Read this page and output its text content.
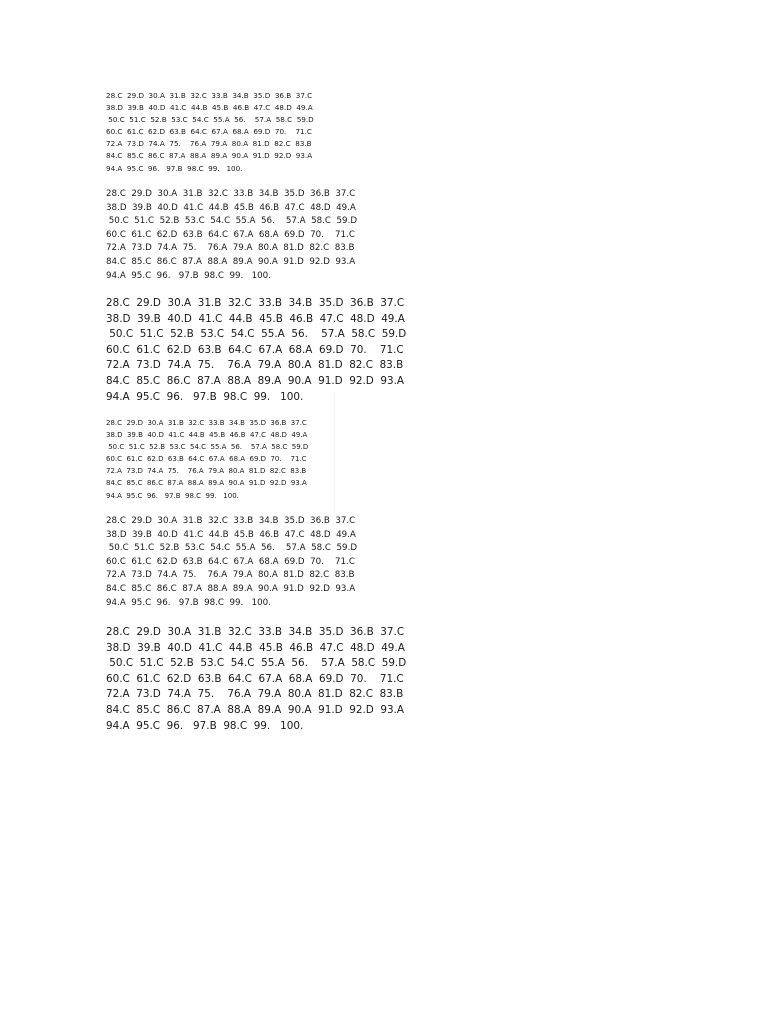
28.C  29.D  30.A  31.B  32.C  33.B  34.B  35.D  36.B  37.C
38.D  39.B  40.D  41.C  44.B  45.B  46.B  47.C  48.D  49.A
50.C  51.C  52.B  53.C  54.C  55.A  56.    57.A  58.C  59.D
60.C  61.C  62.D  63.B  64.C  67.A  68.A  69.D  70.    71.C
72.A  73.D  74.A  75.    76.A  79.A  80.A  81.D  82.C  83.B
84.C  85.C  86.C  87.A  88.A  89.A  90.A  91.D  92.D  93.A
94.A  95.C  96.   97.B  98.C  99.   100.
28.C  29.D  30.A  31.B  32.C  33.B  34.B  35.D  36.B  37.C
38.D  39.B  40.D  41.C  44.B  45.B  46.B  47.C  48.D  49.A
50.C  51.C  52.B  53.C  54.C  55.A  56.    57.A  58.C  59.D
60.C  61.C  62.D  63.B  64.C  67.A  68.A  69.D  70.    71.C
72.A  73.D  74.A  75.    76.A  79.A  80.A  81.D  82.C  83.B
84.C  85.C  86.C  87.A  88.A  89.A  90.A  91.D  92.D  93.A
94.A  95.C  96.   97.B  98.C  99.   100.
28.C  29.D  30.A  31.B  32.C  33.B  34.B  35.D  36.B  37.C
38.D  39.B  40.D  41.C  44.B  45.B  46.B  47.C  48.D  49.A
50.C  51.C  52.B  53.C  54.C  55.A  56.    57.A  58.C  59.D
60.C  61.C  62.D  63.B  64.C  67.A  68.A  69.D  70.    71.C
72.A  73.D  74.A  75.    76.A  79.A  80.A  81.D  82.C  83.B
84.C  85.C  86.C  87.A  88.A  89.A  90.A  91.D  92.D  93.A
94.A  95.C  96.   97.B  98.C  99.   100.
28.C  29.D  30.A  31.B  32.C  33.B  34.B  35.D  36.B  37.C
38.D  39.B  40.D  41.C  44.B  45.B  46.B  47.C  48.D  49.A
50.C  51.C  52.B  53.C  54.C  55.A  56.    57.A  58.C  59.D
60.C  61.C  62.D  63.B  64.C  67.A  68.A  69.D  70.    71.C
72.A  73.D  74.A  75.    76.A  79.A  80.A  81.D  82.C  83.B
84.C  85.C  86.C  87.A  88.A  89.A  90.A  91.D  92.D  93.A
94.A  95.C  96.   97.B  98.C  99.   100.
28.C  29.D  30.A  31.B  32.C  33.B  34.B  35.D  36.B  37.C
38.D  39.B  40.D  41.C  44.B  45.B  46.B  47.C  48.D  49.A
50.C  51.C  52.B  53.C  54.C  55.A  56.    57.A  58.C  59.D
60.C  61.C  62.D  63.B  64.C  67.A  68.A  69.D  70.    71.C
72.A  73.D  74.A  75.    76.A  79.A  80.A  81.D  82.C  83.B
84.C  85.C  86.C  87.A  88.A  89.A  90.A  91.D  92.D  93.A
94.A  95.C  96.   97.B  98.C  99.   100.
28.C  29.D  30.A  31.B  32.C  33.B  34.B  35.D  36.B  37.C
38.D  39.B  40.D  41.C  44.B  45.B  46.B  47.C  48.D  49.A
50.C  51.C  52.B  53.C  54.C  55.A  56.    57.A  58.C  59.D
60.C  61.C  62.D  63.B  64.C  67.A  68.A  69.D  70.    71.C
72.A  73.D  74.A  75.    76.A  79.A  80.A  81.D  82.C  83.B
84.C  85.C  86.C  87.A  88.A  89.A  90.A  91.D  92.D  93.A
94.A  95.C  96.   97.B  98.C  99.   100.
